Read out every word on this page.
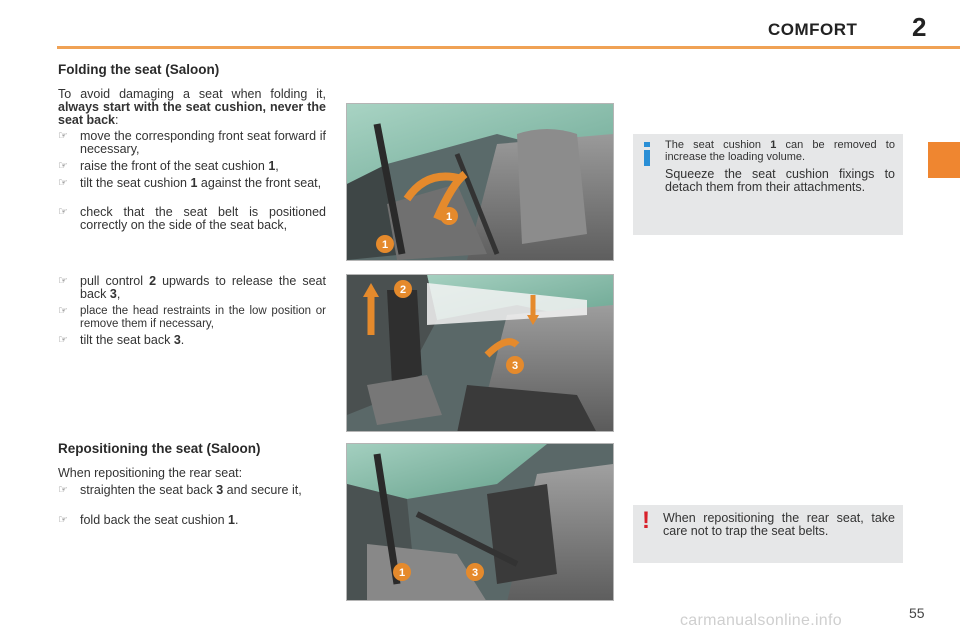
COMFORT 2
Folding the seat (Saloon)
To avoid damaging a seat when folding it, always start with the seat cushion, never the seat back:
☞ move the corresponding front seat forward if necessary,
☞ raise the front of the seat cushion 1,
☞ tilt the seat cushion 1 against the front seat,
☞ check that the seat belt is positioned correctly on the side of the seat back,
☞ pull control 2 upwards to release the seat back 3,
☞ place the head restraints in the low position or remove them if necessary,
☞ tilt the seat back 3.
Repositioning the seat (Saloon)
When repositioning the rear seat:
☞ straighten the seat back 3 and secure it,
☞ fold back the seat cushion 1.
1
1
2
3
1	3

The seat cushion 1 can be removed to increase the loading volume.

Squeeze the seat cushion fixings to detach them from their attachments.

! When repositioning the rear seat, take care not to trap the seat belts.

carmanualsonline.info	55
